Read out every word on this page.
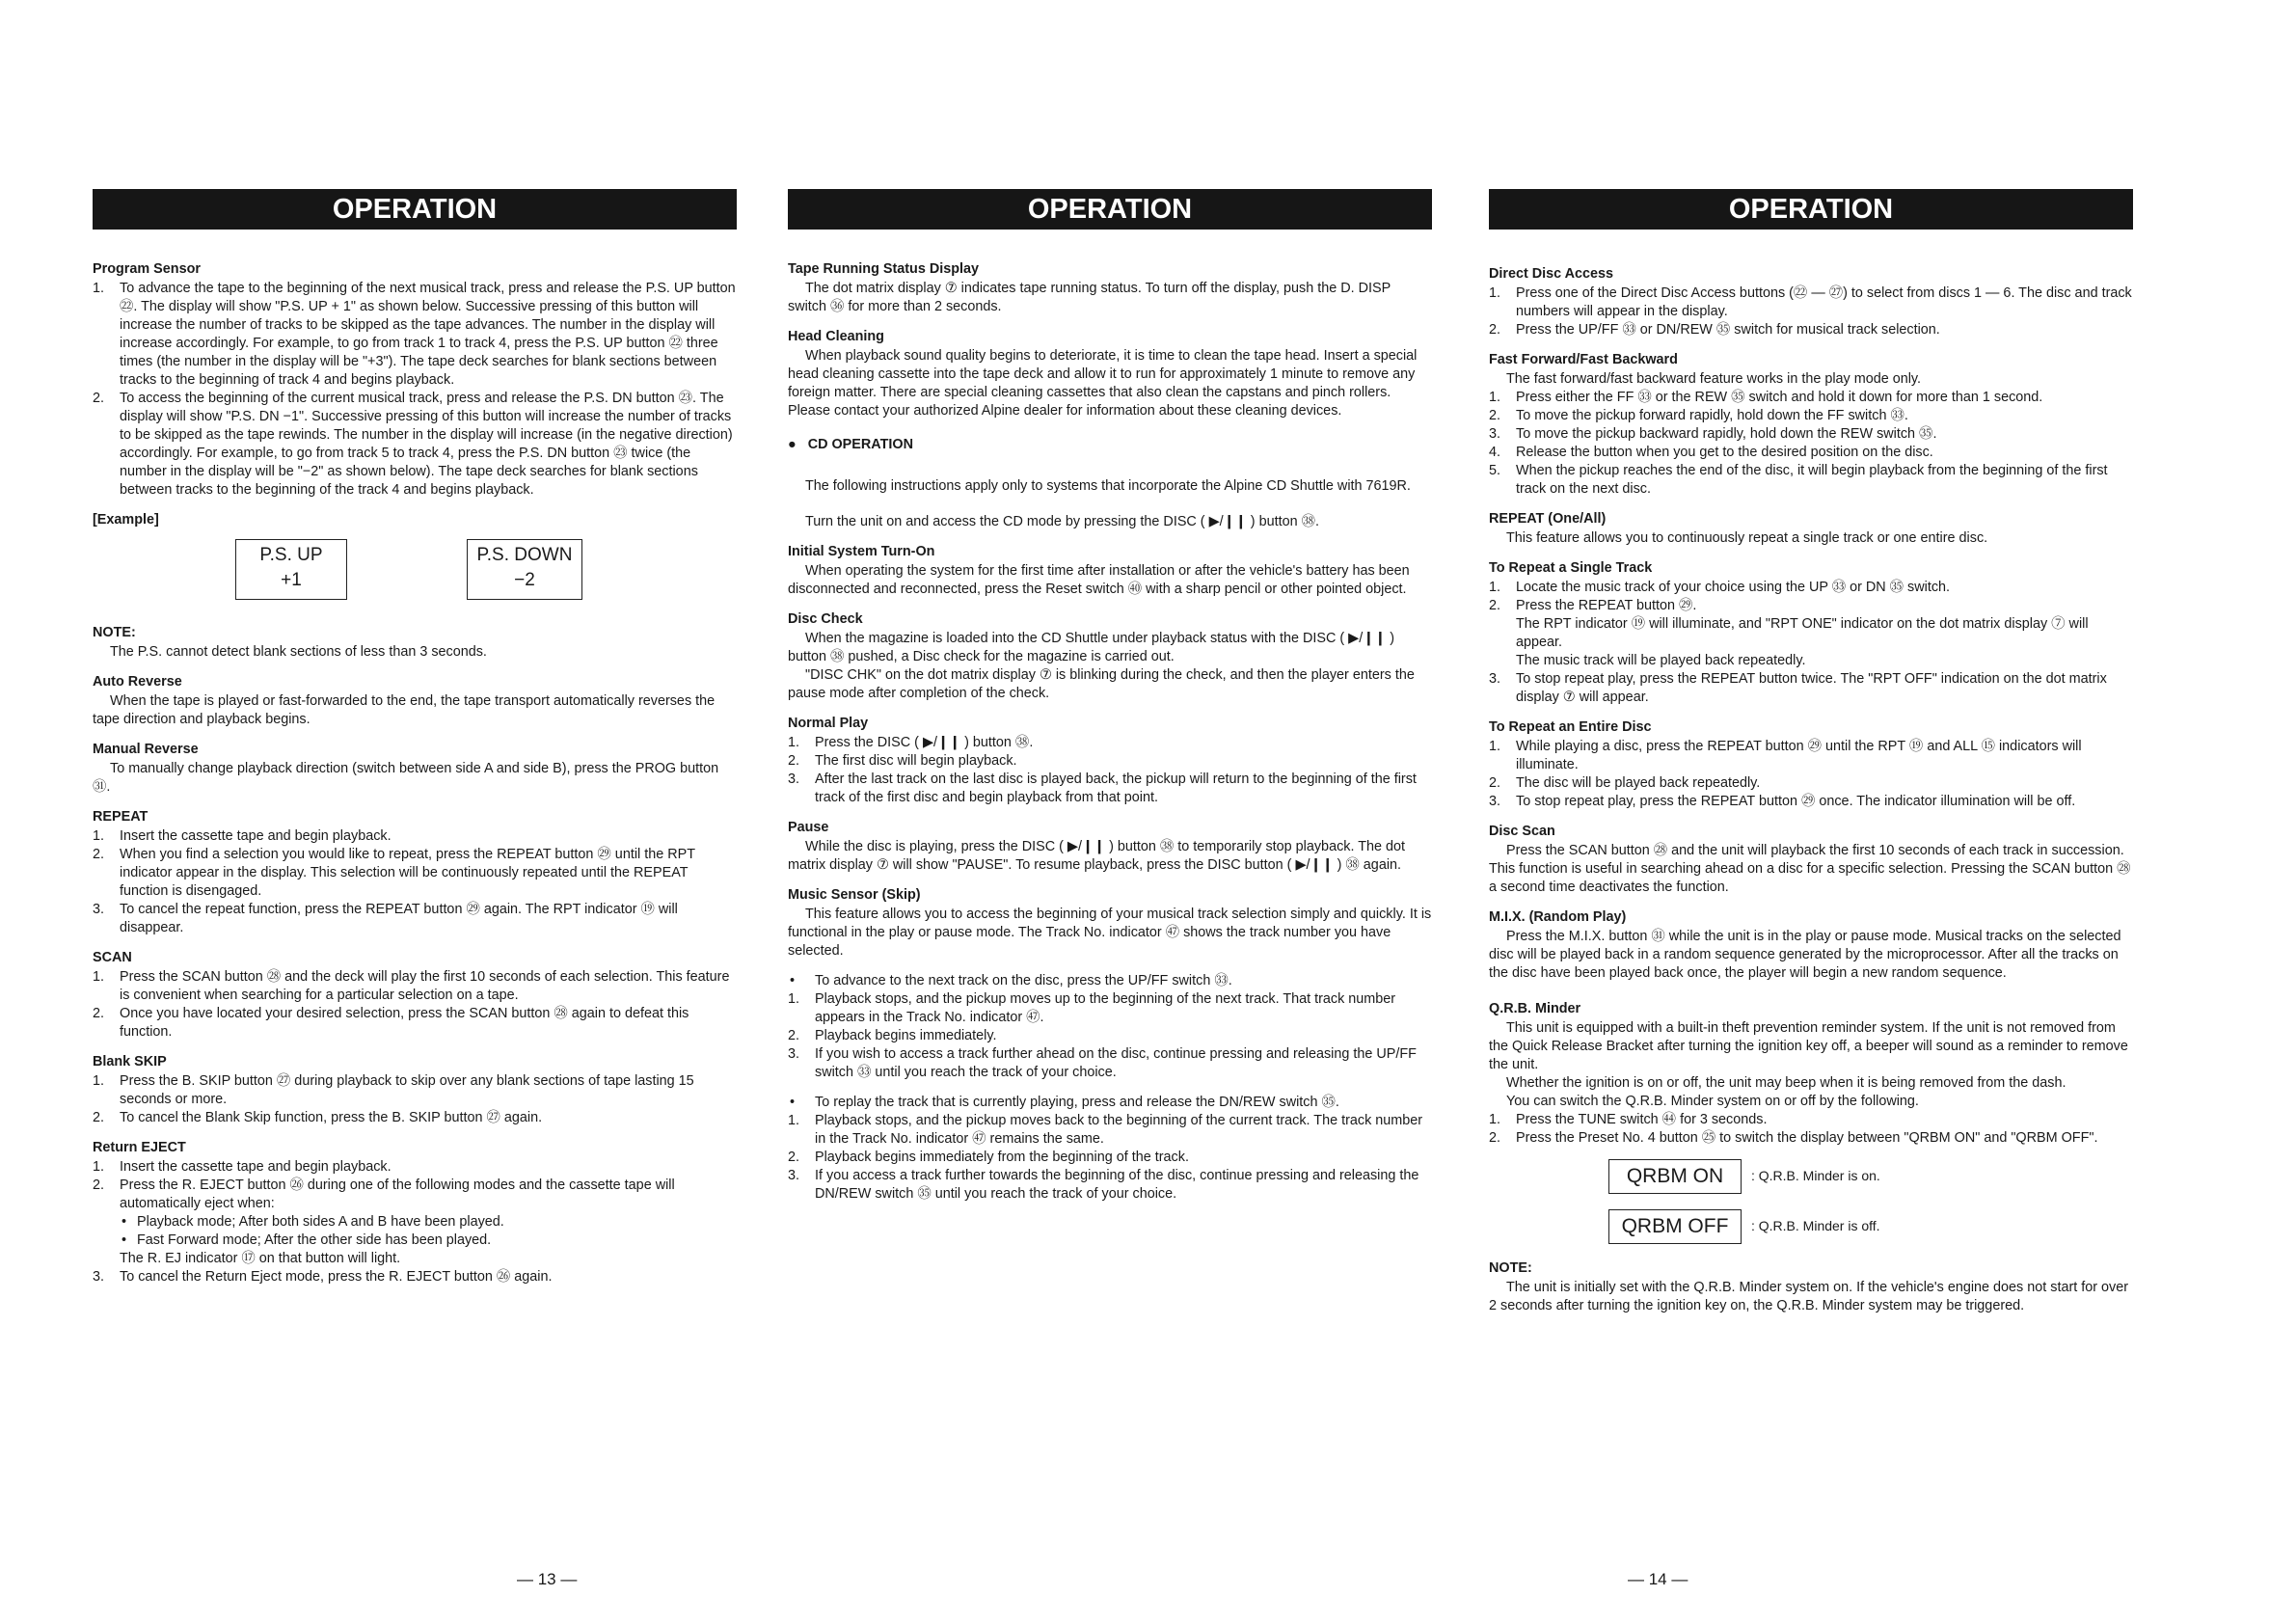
OPERATION
Program Sensor
1. To advance the tape to the beginning of the next musical track, press and release the P.S. UP button ㉒. The display will show "P.S. UP + 1" as shown below. Successive pressing of this button will increase the number of tracks to be skipped as the tape advances. The number in the display will increase accordingly. For example, to go from track 1 to track 4, press the P.S. UP button ㉒ three times (the number in the display will be "+3"). The tape deck searches for blank sections between tracks to the beginning of track 4 and begins playback.
2. To access the beginning of the current musical track, press and release the P.S. DN button ㉓. The display will show "P.S. DN −1". Successive pressing of this button will increase the number of tracks to be skipped as the tape rewinds. The number in the display will increase (in the negative direction) accordingly. For example, to go from track 5 to track 4, press the P.S. DN button ㉓ twice (the number in the display will be "−2" as shown below). The tape deck searches for blank sections between tracks to the beginning of the track 4 and begins playback.
[Example]
P.S. UP
+1
P.S. DOWN
−2
NOTE:
The P.S. cannot detect blank sections of less than 3 seconds.
Auto Reverse
When the tape is played or fast-forwarded to the end, the tape transport automatically reverses the tape direction and playback begins.
Manual Reverse
To manually change playback direction (switch between side A and side B), press the PROG button ㉛.
REPEAT
1. Insert the cassette tape and begin playback.
2. When you find a selection you would like to repeat, press the REPEAT button ㉙ until the RPT indicator appear in the display. This selection will be continuously repeated until the REPEAT function is disengaged.
3. To cancel the repeat function, press the REPEAT button ㉙ again. The RPT indicator ⑲ will disappear.
SCAN
1. Press the SCAN button ㉘ and the deck will play the first 10 seconds of each selection. This feature is convenient when searching for a particular selection on a tape.
2. Once you have located your desired selection, press the SCAN button ㉘ again to defeat this function.
Blank SKIP
1. Press the B. SKIP button ㉗ during playback to skip over any blank sections of tape lasting 15 seconds or more.
2. To cancel the Blank Skip function, press the B. SKIP button ㉗ again.
Return EJECT
1. Insert the cassette tape and begin playback.
2. Press the R. EJECT button ㉖ during one of the following modes and the cassette tape will automatically eject when:
• Playback mode; After both sides A and B have been played.
• Fast Forward mode; After the other side has been played.
The R. EJ indicator ⑰ on that button will light.
3. To cancel the Return Eject mode, press the R. EJECT button ㉖ again.
— 13 —
OPERATION
Tape Running Status Display
The dot matrix display ⑦ indicates tape running status. To turn off the display, push the D. DISP switch ㊱ for more than 2 seconds.
Head Cleaning
When playback sound quality begins to deteriorate, it is time to clean the tape head. Insert a special head cleaning cassette into the tape deck and allow it to run for approximately 1 minute to remove any foreign matter. There are special cleaning cassettes that also clean the capstans and pinch rollers. Please contact your authorized Alpine dealer for information about these cleaning devices.
● CD OPERATION
The following instructions apply only to systems that incorporate the Alpine CD Shuttle with 7619R.
Turn the unit on and access the CD mode by pressing the DISC ( ▶/❙❙ ) button ㊳.
Initial System Turn-On
When operating the system for the first time after installation or after the vehicle's battery has been disconnected and reconnected, press the Reset switch ㊵ with a sharp pencil or other pointed object.
Disc Check
When the magazine is loaded into the CD Shuttle under playback status with the DISC ( ▶/❙❙ ) button ㊳ pushed, a Disc check for the magazine is carried out.
"DISC CHK" on the dot matrix display ⑦ is blinking during the check, and then the player enters the pause mode after completion of the check.
Normal Play
1. Press the DISC ( ▶/❙❙ ) button ㊳.
2. The first disc will begin playback.
3. After the last track on the last disc is played back, the pickup will return to the beginning of the first track of the first disc and begin playback from that point.
Pause
While the disc is playing, press the DISC ( ▶/❙❙ ) button ㊳ to temporarily stop playback. The dot matrix display ⑦ will show "PAUSE". To resume playback, press the DISC button ( ▶/❙❙ ) ㊳ again.
Music Sensor (Skip)
This feature allows you to access the beginning of your musical track selection simply and quickly. It is functional in the play or pause mode. The Track No. indicator ㊼ shows the track number you have selected.
• To advance to the next track on the disc, press the UP/FF switch ㉝.
1. Playback stops, and the pickup moves up to the beginning of the next track. That track number appears in the Track No. indicator ㊼.
2. Playback begins immediately.
3. If you wish to access a track further ahead on the disc, continue pressing and releasing the UP/FF switch ㉝ until you reach the track of your choice.
• To replay the track that is currently playing, press and release the DN/REW switch ㉟.
1. Playback stops, and the pickup moves back to the beginning of the current track. The track number in the Track No. indicator ㊼ remains the same.
2. Playback begins immediately from the beginning of the track.
3. If you access a track further towards the beginning of the disc, continue pressing and releasing the DN/REW switch ㉟ until you reach the track of your choice.
OPERATION
Direct Disc Access
1. Press one of the Direct Disc Access buttons (㉒ — ㉗) to select from discs 1 — 6. The disc and track numbers will appear in the display.
2. Press the UP/FF ㉝ or DN/REW ㉟ switch for musical track selection.
Fast Forward/Fast Backward
The fast forward/fast backward feature works in the play mode only.
1. Press either the FF ㉝ or the REW ㉟ switch and hold it down for more than 1 second.
2. To move the pickup forward rapidly, hold down the FF switch ㉝.
3. To move the pickup backward rapidly, hold down the REW switch ㉟.
4. Release the button when you get to the desired position on the disc.
5. When the pickup reaches the end of the disc, it will begin playback from the beginning of the first track on the next disc.
REPEAT (One/All)
This feature allows you to continuously repeat a single track or one entire disc.
To Repeat a Single Track
1. Locate the music track of your choice using the UP ㉝ or DN ㉟ switch.
2. Press the REPEAT button ㉙.
The RPT indicator ⑲ will illuminate, and "RPT ONE" indicator on the dot matrix display ⑦ will appear.
The music track will be played back repeatedly.
3. To stop repeat play, press the REPEAT button twice. The "RPT OFF" indication on the dot matrix display ⑦ will appear.
To Repeat an Entire Disc
1. While playing a disc, press the REPEAT button ㉙ until the RPT ⑲ and ALL ⑮ indicators will illuminate.
2. The disc will be played back repeatedly.
3. To stop repeat play, press the REPEAT button ㉙ once. The indicator illumination will be off.
Disc Scan
Press the SCAN button ㉘ and the unit will playback the first 10 seconds of each track in succession. This function is useful in searching ahead on a disc for a specific selection. Pressing the SCAN button ㉘ a second time deactivates the function.
M.I.X. (Random Play)
Press the M.I.X. button ㉛ while the unit is in the play or pause mode. Musical tracks on the selected disc will be played back in a random sequence generated by the microprocessor. After all the tracks on the disc have been played back once, the player will begin a new random sequence.
Q.R.B. Minder
This unit is equipped with a built-in theft prevention reminder system. If the unit is not removed from the Quick Release Bracket after turning the ignition key off, a beeper will sound as a reminder to remove the unit.
Whether the ignition is on or off, the unit may beep when it is being removed from the dash.
You can switch the Q.R.B. Minder system on or off by the following.
1. Press the TUNE switch ㊹ for 3 seconds.
2. Press the Preset No. 4 button ㉕ to switch the display between "QRBM ON" and "QRBM OFF".
QRBM ON	: Q.R.B. Minder is on.
QRBM OFF	: Q.R.B. Minder is off.
NOTE:
The unit is initially set with the Q.R.B. Minder system on. If the vehicle's engine does not start for over 2 seconds after turning the ignition key on, the Q.R.B. Minder system may be triggered.
— 14 —
